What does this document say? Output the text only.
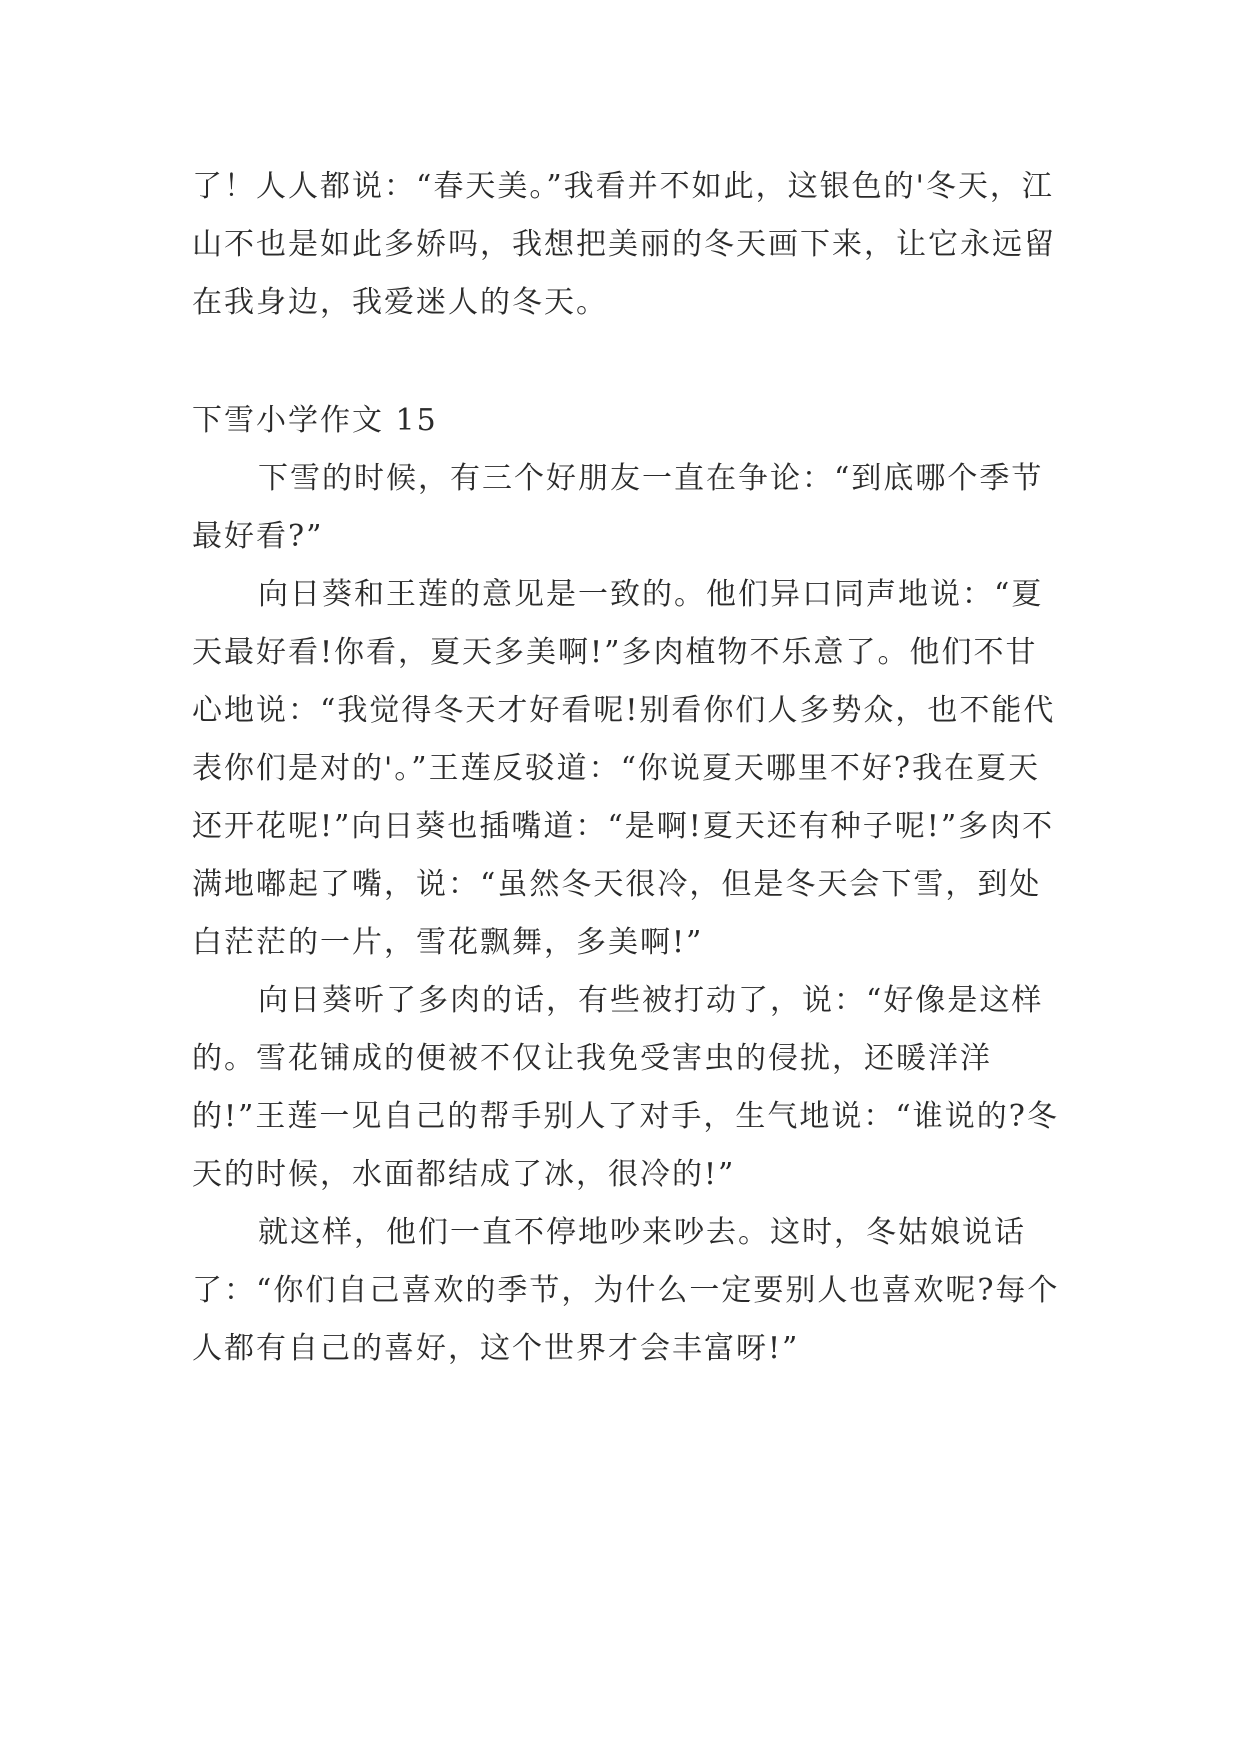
了！人人都说：“春天美。”我看并不如此，这银色的'冬天，江山不也是如此多娇吗，我想把美丽的冬天画下来，让它永远留在我身边，我爱迷人的冬天。

下雪小学作文 15

下雪的时候，有三个好朋友一直在争论：“到底哪个季节最好看?”

向日葵和王莲的意见是一致的。他们异口同声地说：“夏天最好看!你看，夏天多美啊!”多肉植物不乐意了。他们不甘心地说：“我觉得冬天才好看呢!别看你们人多势众，也不能代表你们是对的'。”王莲反驳道：“你说夏天哪里不好?我在夏天还开花呢!”向日葵也插嘴道：“是啊!夏天还有种子呢!”多肉不满地嘟起了嘴，说：“虽然冬天很冷，但是冬天会下雪，到处白茫茫的一片，雪花飘舞，多美啊!”

向日葵听了多肉的话，有些被打动了，说：“好像是这样的。雪花铺成的便被不仅让我免受害虫的侵扰，还暖洋洋的!”王莲一见自己的帮手别人了对手，生气地说：“谁说的?冬天的时候，水面都结成了冰，很冷的!”

就这样，他们一直不停地吵来吵去。这时，冬姑娘说话了：“你们自己喜欢的季节，为什么一定要别人也喜欢呢?每个人都有自己的喜好，这个世界才会丰富呀!”
